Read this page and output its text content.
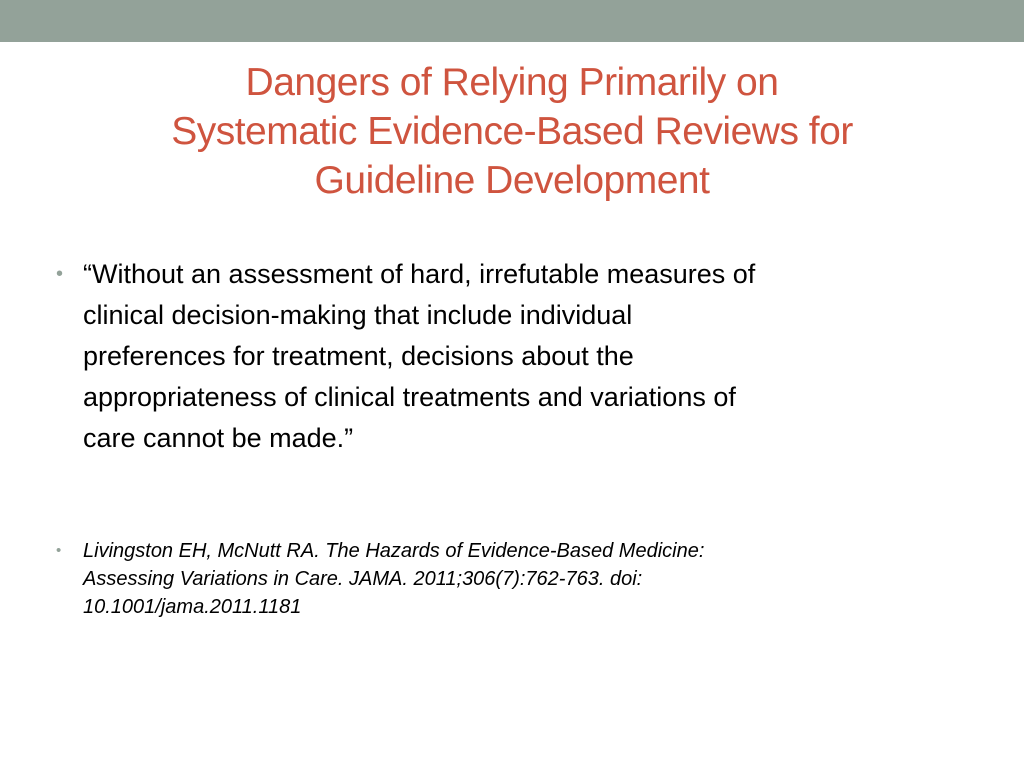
Dangers of Relying Primarily on
Systematic Evidence-Based Reviews for
Guideline Development
• “Without an assessment of hard, irrefutable measures of
clinical decision-making that include individual
preferences for treatment, decisions about the
appropriateness of clinical treatments and variations of
care cannot be made.”
• Livingston EH, McNutt RA. The Hazards of Evidence-Based Medicine:
Assessing Variations in Care. JAMA. 2011;306(7):762-763. doi:
10.1001/jama.2011.1181
